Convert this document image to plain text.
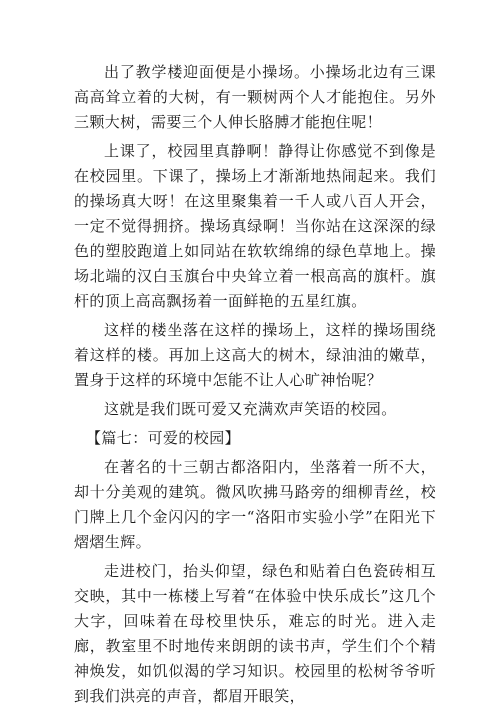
出了教学楼迎面便是小操场。小操场北边有三课高高耸立着的大树，有一颗树两个人才能抱住。另外三颗大树，需要三个人伸长胳膊才能抱住呢！

上课了，校园里真静啊！静得让你感觉不到像是在校园里。下课了，操场上才渐渐地热闹起来。我们的操场真大呀！在这里聚集着一千人或八百人开会，一定不觉得拥挤。操场真绿啊！当你站在这深深的绿色的塑胶跑道上如同站在软软绵绵的绿色草地上。操场北端的汉白玉旗台中央耸立着一根高高的旗杆。旗杆的顶上高高飘扬着一面鲜艳的五星红旗。

这样的楼坐落在这样的操场上，这样的操场围绕着这样的楼。再加上这高大的树木，绿油油的嫩草，置身于这样的环境中怎能不让人心旷神怡呢？

这就是我们既可爱又充满欢声笑语的校园。

【篇七：可爱的校园】

在著名的十三朝古都洛阳内，坐落着一所不大，却十分美观的建筑。微风吹拂马路旁的细柳青丝，校门牌上几个金闪闪的字一“洛阳市实验小学”在阳光下熠熠生辉。

走进校门，抬头仰望，绿色和贴着白色瓷砖相互交映，其中一栋楼上写着“在体验中快乐成长”这几个大字，回味着在母校里快乐，难忘的时光。进入走廊，教室里不时地传来朗朗的读书声，学生们个个精神焕发，如饥似渴的学习知识。校园里的松树爷爷听到我们洪亮的声音，都眉开眼笑，
